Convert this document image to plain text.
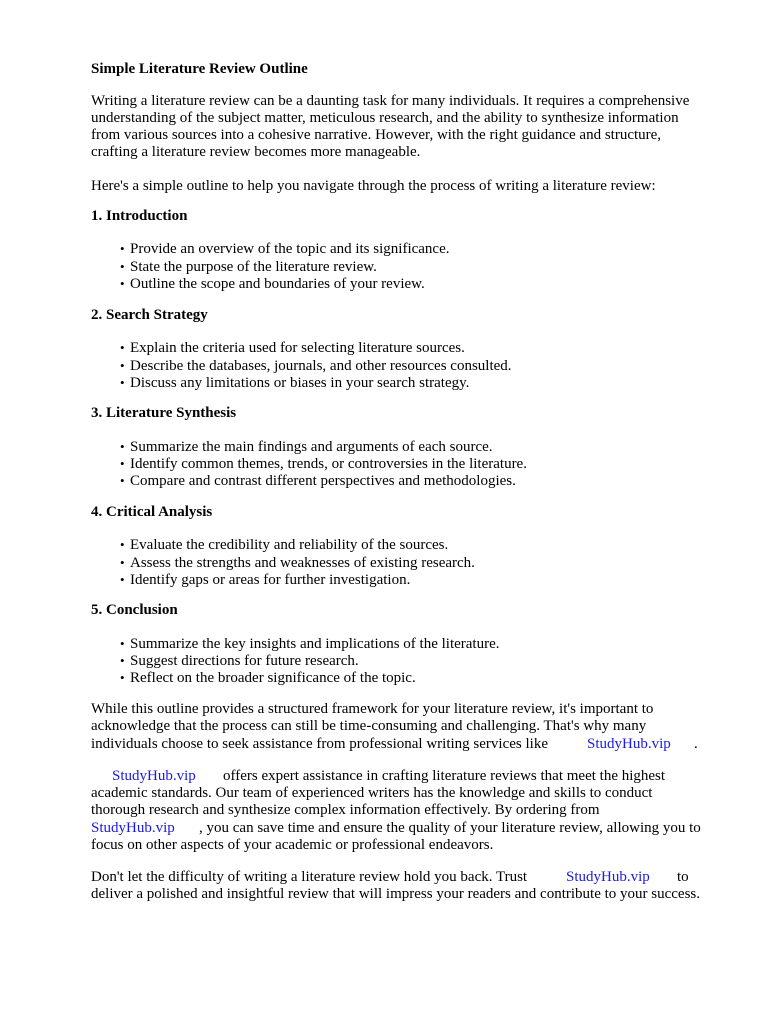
Simple Literature Review Outline
Writing a literature review can be a daunting task for many individuals. It requires a comprehensive
understanding of the subject matter, meticulous research, and the ability to synthesize information
from various sources into a cohesive narrative. However, with the right guidance and structure,
crafting a literature review becomes more manageable.
Here's a simple outline to help you navigate through the process of writing a literature review:
1. Introduction
• Provide an overview of the topic and its significance.
• State the purpose of the literature review.
• Outline the scope and boundaries of your review.
2. Search Strategy
• Explain the criteria used for selecting literature sources.
• Describe the databases, journals, and other resources consulted.
• Discuss any limitations or biases in your search strategy.
3. Literature Synthesis
• Summarize the main findings and arguments of each source.
• Identify common themes, trends, or controversies in the literature.
• Compare and contrast different perspectives and methodologies.
4. Critical Analysis
• Evaluate the credibility and reliability of the sources.
• Assess the strengths and weaknesses of existing research.
• Identify gaps or areas for further investigation.
5. Conclusion
• Summarize the key insights and implications of the literature.
• Suggest directions for future research.
• Reflect on the broader significance of the topic.
While this outline provides a structured framework for your literature review, it's important to
acknowledge that the process can still be time-consuming and challenging. That's why many
individuals choose to seek assistance from professional writing services like	StudyHub.vip .
StudyHub.vip offers expert assistance in crafting literature reviews that meet the highest
academic standards. Our team of experienced writers has the knowledge and skills to conduct
thorough research and synthesize complex information effectively. By ordering from
StudyHub.vip , you can save time and ensure the quality of your literature review, allowing you to
focus on other aspects of your academic or professional endeavors.
Don't let the difficulty of writing a literature review hold you back. Trust	StudyHub.vip to
deliver a polished and insightful review that will impress your readers and contribute to your success.
